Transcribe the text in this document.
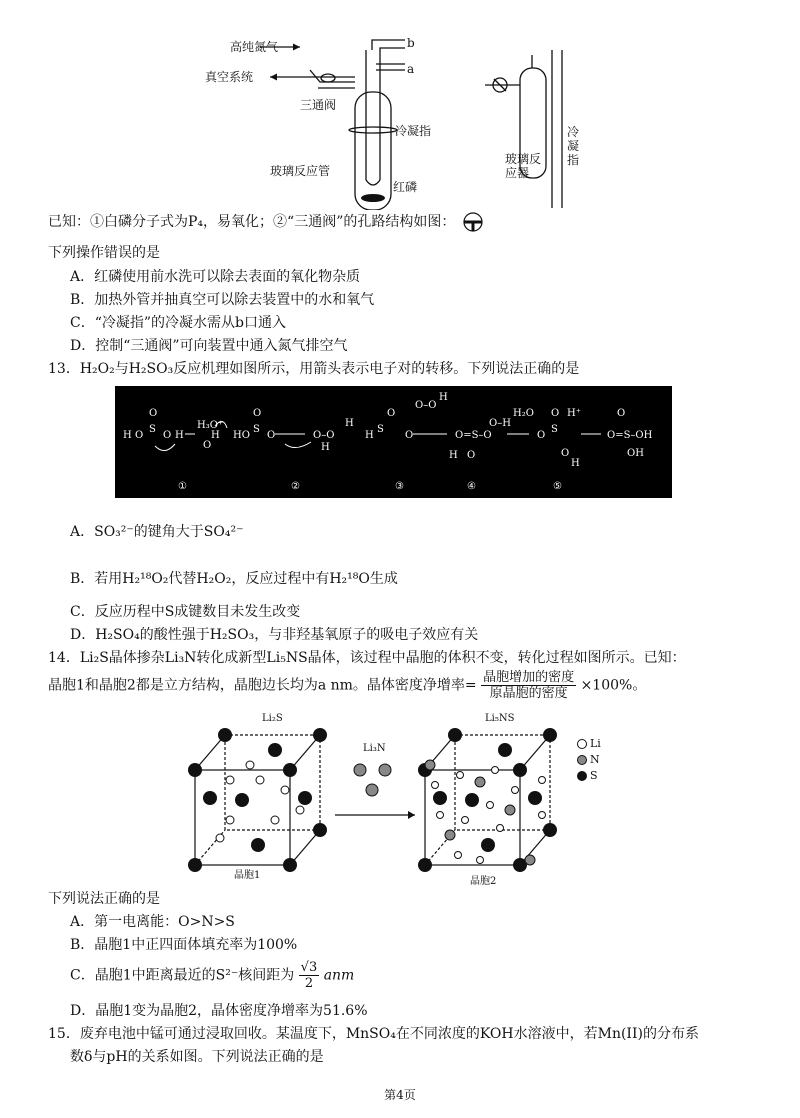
高纯氮气
真空系统
三通阀
冷凝指
玻璃反应管
红磷
b
a
玻璃反应器
冷凝指
已知：①白磷分子式为P₄，易氧化；②“三通阀”的孔路结构如图：
下列操作错误的是
A．红磷使用前水洗可以除去表面的氧化物杂质
B．加热外管并抽真空可以除去装置中的水和氧气
C．“冷凝指”的冷凝水需从b口通入
D．控制“三通阀”可向装置中通入氮气排空气
13．H₂O₂与H₂SO₃反应机理如图所示，用箭头表示电子对的转移。下列说法正确的是
H O
S
O
O H
H₃O⁺
O
H HO
S
O
O	O–O
H
H
H
S
O
O
O–O
H
O=S–O
H O
O–H
H₂O
O
S
O H⁺
O
H
O=S–OH
O
OH
①	②	③	④	⑤
A．SO₃²⁻的键角大于SO₄²⁻
B．若用H₂¹⁸O₂代替H₂O₂，反应过程中有H₂¹⁸O生成
C．反应历程中S成键数目未发生改变
D．H₂SO₄的酸性强于H₂SO₃，与非羟基氧原子的吸电子效应有关
14．Li₂S晶体掺杂Li₃N转化成新型Li₅NS晶体，该过程中晶胞的体积不变，转化过程如图所示。已知：
晶胞1和晶胞2都是立方结构，晶胞边长均为a nm。晶体密度净增率= $\frac{\text{晶胞增加的密度}}{\text{原晶胞的密度}} \times 100\%$。
Li₂S
晶胞1
Li₃N
Li₅NS
晶胞2
Li
N
S
下列说法正确的是
A．第一电离能：O>N>S
B．晶胞1中正四面体填充率为100%
C．晶胞1中距离最近的S²⁻核间距为 $\frac{√3}{2}$ anm
D．晶胞1变为晶胞2，晶体密度净增率为51.6%
15．废弃电池中锰可通过浸取回收。某温度下，MnSO₄在不同浓度的KOH水溶液中，若Mn(II)的分布系
数δ与pH的关系如图。下列说法正确的是
第4页
